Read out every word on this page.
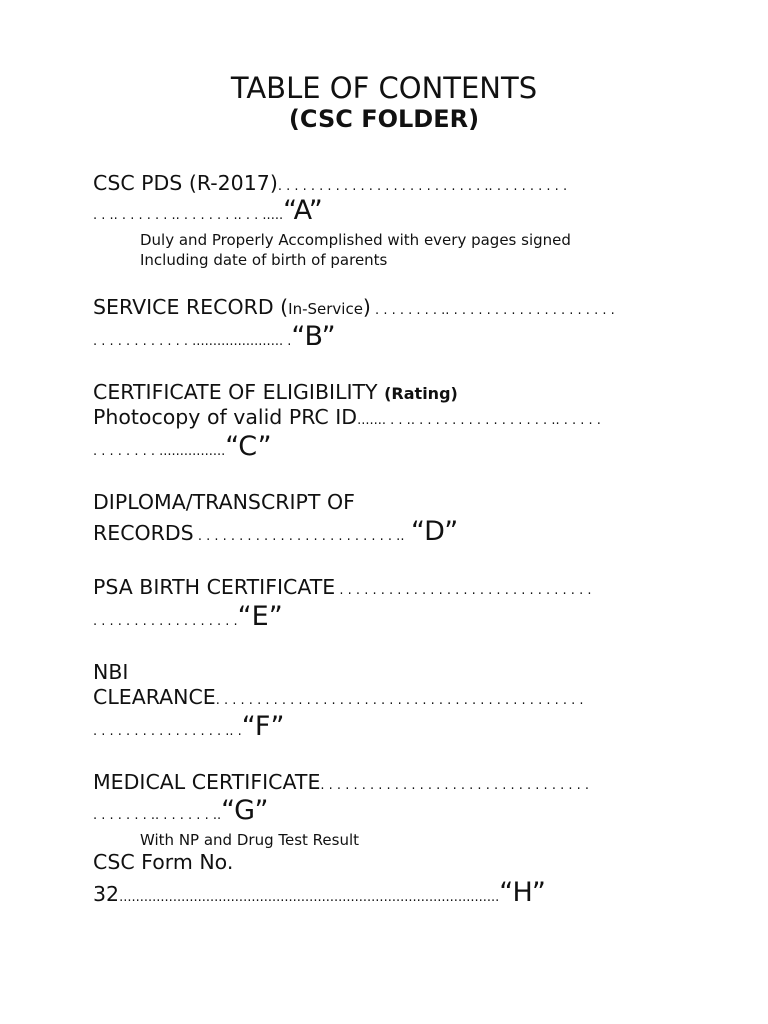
TABLE OF CONTENTS
(CSC FOLDER)
CSC PDS (R-2017). . . . . . . . . . . . . . . . . . . . . . . . . .. . . . . . . . . .
. . .. . . . . . . .. . . . . . . .. . . .....“A”
Duly and Properly Accomplished with every pages signed
Including date of birth of parents
SERVICE RECORD (In-Service) . . . . . . . . .. . . . . . . . . . . . . . . . . . . . .
. . . . . . . . . . . . ...................... .“B”
CERTIFICATE OF ELIGIBILITY (Rating)
Photocopy of valid PRC ID....... . . .. . . . . . . . . . . . . . . . . .. . . . . .
. . . . . . . . ................“C”
DIPLOMA/TRANSCRIPT OF
RECORDS . . . . . . . . . . . . . . . . . . . . . . . . .. “D”
PSA BIRTH CERTIFICATE . . . . . . . . . . . . . . . . . . . . . . . . . . . . . . .
. . . . . . . . . . . . . . . . . .“E”
NBI
CLEARANCE. . . . . . . . . . . . . . . . . . . . . . . . . . . . . . . . . . . . . . . . . . . . .
. . . . . . . . . . . . . . . . .. .“F”
MEDICAL CERTIFICATE. . . . . . . . . . . . . . . . . . . . . . . . . . . . . . . . .
. . . . . . . .. . . . . . . ..“G”
With NP and Drug Test Result
CSC Form No.
32............................................................................................“H”
